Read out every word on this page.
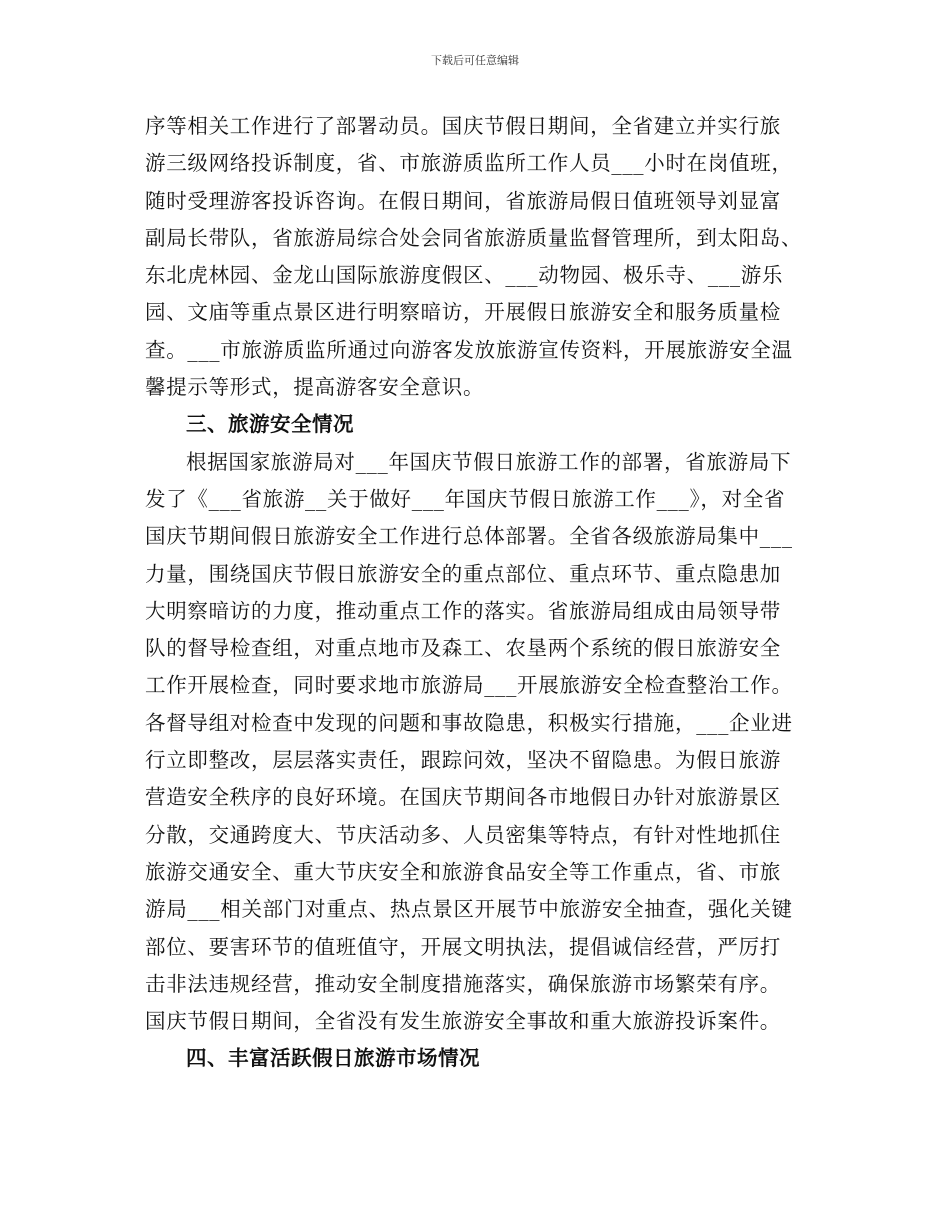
下载后可任意编辑
序等相关工作进行了部署动员。国庆节假日期间，全省建立并实行旅
游三级网络投诉制度，省、市旅游质监所工作人员___小时在岗值班，
随时受理游客投诉咨询。在假日期间，省旅游局假日值班领导刘显富
副局长带队，省旅游局综合处会同省旅游质量监督管理所，到太阳岛、
东北虎林园、金龙山国际旅游度假区、___动物园、极乐寺、___游乐
园、文庙等重点景区进行明察暗访，开展假日旅游安全和服务质量检
查。___市旅游质监所通过向游客发放旅游宣传资料，开展旅游安全温
馨提示等形式，提高游客安全意识。
三、旅游安全情况
根据国家旅游局对___年国庆节假日旅游工作的部署，省旅游局下
发了《___省旅游__关于做好___年国庆节假日旅游工作___》，对全省
国庆节期间假日旅游安全工作进行总体部署。全省各级旅游局集中___
力量，围绕国庆节假日旅游安全的重点部位、重点环节、重点隐患加
大明察暗访的力度，推动重点工作的落实。省旅游局组成由局领导带
队的督导检查组，对重点地市及森工、农垦两个系统的假日旅游安全
工作开展检查，同时要求地市旅游局___开展旅游安全检查整治工作。
各督导组对检查中发现的问题和事故隐患，积极实行措施，___企业进
行立即整改，层层落实责任，跟踪问效，坚决不留隐患。为假日旅游
营造安全秩序的良好环境。在国庆节期间各市地假日办针对旅游景区
分散，交通跨度大、节庆活动多、人员密集等特点，有针对性地抓住
旅游交通安全、重大节庆安全和旅游食品安全等工作重点，省、市旅
游局___相关部门对重点、热点景区开展节中旅游安全抽查，强化关键
部位、要害环节的值班值守，开展文明执法，提倡诚信经营，严厉打
击非法违规经营，推动安全制度措施落实，确保旅游市场繁荣有序。
国庆节假日期间，全省没有发生旅游安全事故和重大旅游投诉案件。
四、丰富活跃假日旅游市场情况
